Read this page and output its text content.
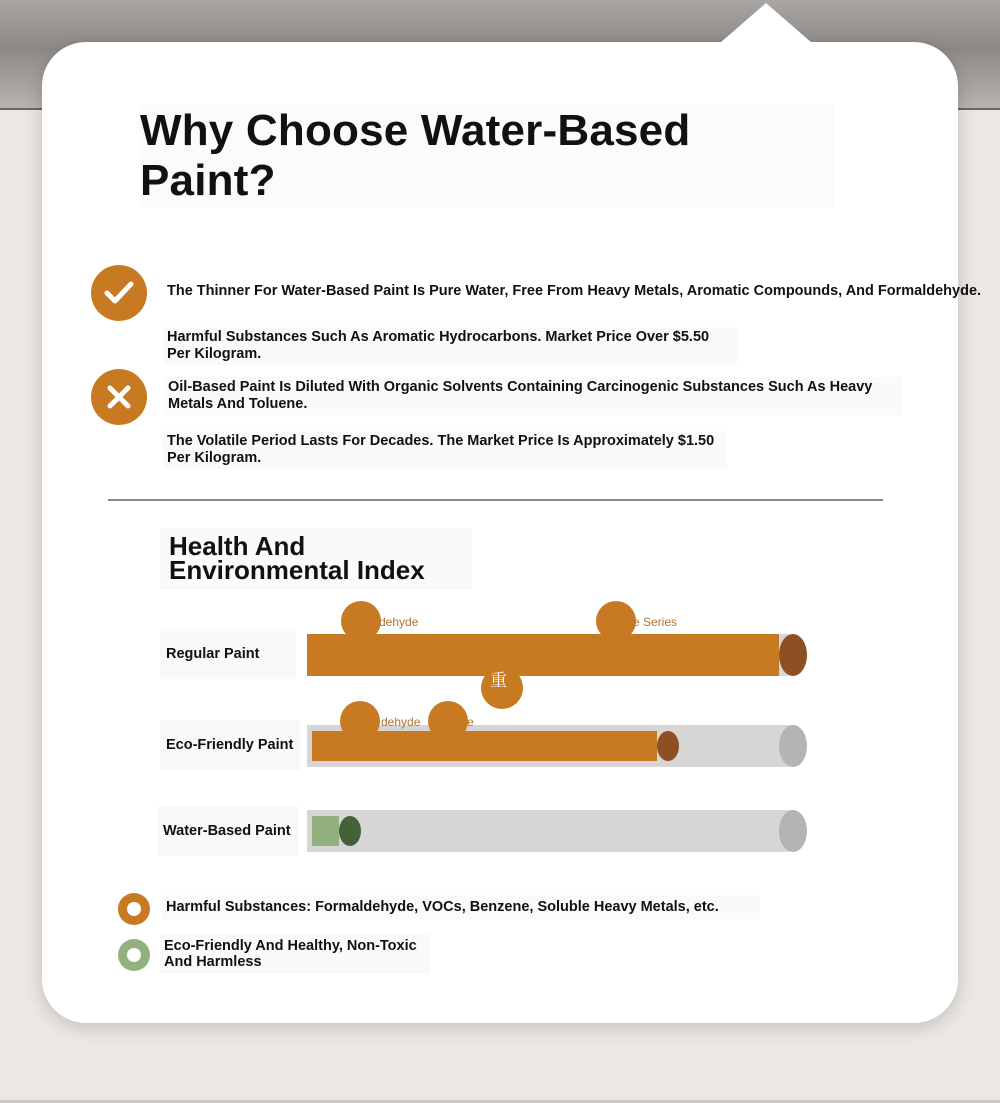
Why Choose Water-Based Paint?
The Thinner For Water-Based Paint Is Pure Water, Free From Heavy Metals, Aromatic Compounds, And Formaldehyde.
Harmful Substances Such As Aromatic Hydrocarbons. Market Price Over $5.50 Per Kilogram.
Oil-Based Paint Is Diluted With Organic Solvents Containing Carcinogenic Substances Such As Heavy Metals And Toluene.
The Volatile Period Lasts For Decades. The Market Price Is Approximately $1.50 Per Kilogram.
Health And Environmental Index
Regular Paint
dehyde	e Series
重
Eco-Friendly Paint
dehyde	e
Water-Based Paint
Harmful Substances: Formaldehyde, VOCs, Benzene, Soluble Heavy Metals, etc.
Eco-Friendly And Healthy, Non-Toxic And Harmless
